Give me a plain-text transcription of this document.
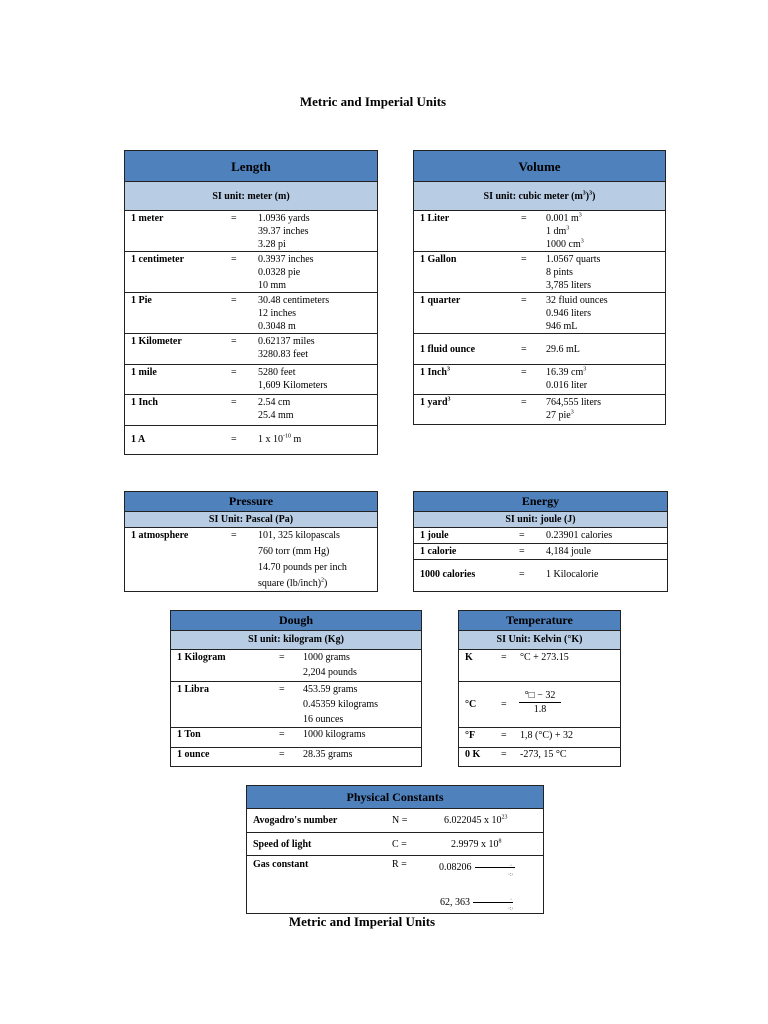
Metric and Imperial Units
Length
SI unit: meter (m)
1 meter	= 1.0936 yards
39.37 inches
3.28 pi
1 centimeter	= 0.3937 inches
0.0328 pie
10 mm
1 Pie	= 30.48 centimeters
12 inches
0.3048 m
1 Kilometer	= 0.62137 miles
3280.83 feet
1 mile	= 5280 feet
1,609 Kilometers
1 Inch	= 2.54 cm
25.4 mm
1 A	= 1 x $10^{-10}$ m
Volume
SI unit: cubic meter $(m^3)^3$)
1 Liter	= 0.001 $m^3$
1 $dm^3$
1000 $cm^3$
1 Gallon	= 1.0567 quarts
8 pints
3,785 liters
1 quarter	= 32 fluid ounces
0.946 liters
946 mL
1 fluid ounce	= 29.6 mL
1 Inch$^3$	= 16.39 $cm^3$
0.016 liter
1 yard$^3$	= 764,555 liters
27 pie$^3$
Pressure
SI Unit: Pascal (Pa)
1 atmosphere	= 101, 325 kilopascals
760 torr (mm Hg)
14.70 pounds per inch
square (lb/inch)$^2$)
Energy
SI unit: joule (J)
1 joule	= 0.23901 calories
1 calorie	= 4,184 joule
1000 calories	= 1 Kilocalorie
Dough
SI unit: kilogram (Kg)
1 Kilogram	= 1000 grams
2,204 pounds
1 Libra	= 453.59 grams
0.45359 kilograms
16 ounces
1 Ton	= 1000 kilograms
1 ounce	= 28.35 grams
Temperature
SI Unit: Kelvin (°K)
K	= °C + 273.15
$^\circ C = \frac{^\circ□ - 32}{1.8}$
°F	= 1,8 (°C) + 32
0 K = -273, 15 °C
Physical Constants
Avogadro's number	N =	6.022045 x $10^{23}$
Speed of light	C =	2.9979 x $10^8$
Gas constant	R =	0.08206	·
·:·
62, 363	·
·:·
Metric and Imperial Units
